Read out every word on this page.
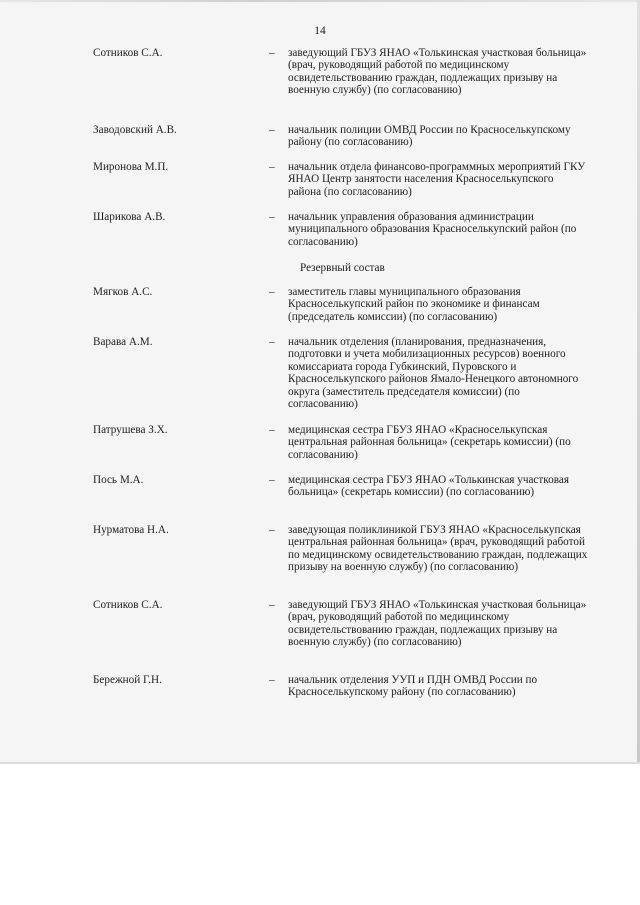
14
Сотников С.А.	– заведующий ГБУЗ ЯНАО «Толькинская участковая больница» (врач, руководящий работой по медицинскому освидетельствованию граждан, подлежащих призыву на военную службу) (по согласованию)
Заводовский А.В.	– начальник полиции ОМВД России по Красноселькупскому району (по согласованию)
Миронова М.П.	– начальник отдела финансово-программных мероприятий ГКУ ЯНАО Центр занятости населения Красноселькупского района (по согласованию)
Шарикова А.В.	– начальник управления образования администрации муниципального образования Красноселькупский район (по согласованию)
Резервный состав
Мягков А.С.	– заместитель главы муниципального образования Красноселькупский район по экономике и финансам (председатель комиссии) (по согласованию)
Варава А.М.	– начальник отделения (планирования, предназначения, подготовки и учета мобилизационных ресурсов) военного комиссариата города Губкинский, Пуровского и Красноселькупского районов Ямало-Ненецкого автономного округа (заместитель председателя комиссии) (по согласованию)
Патрушева З.Х.	– медицинская сестра ГБУЗ ЯНАО «Красноселькупская центральная районная больница» (секретарь комиссии) (по согласованию)
Пось М.А.	– медицинская сестра ГБУЗ ЯНАО «Толькинская участковая больница» (секретарь комиссии) (по согласованию)
Нурматова Н.А.	– заведующая поликлиникой ГБУЗ ЯНАО «Красноселькупская центральная районная больница» (врач, руководящий работой по медицинскому освидетельствованию граждан, подлежащих призыву на военную службу) (по согласованию)
Сотников С.А.	– заведующий ГБУЗ ЯНАО «Толькинская участковая больница» (врач, руководящий работой по медицинскому освидетельствованию граждан, подлежащих призыву на военную службу) (по согласованию)
Бережной Г.Н.	– начальник отделения УУП и ПДН ОМВД России по Красноселькупскому району (по согласованию)
